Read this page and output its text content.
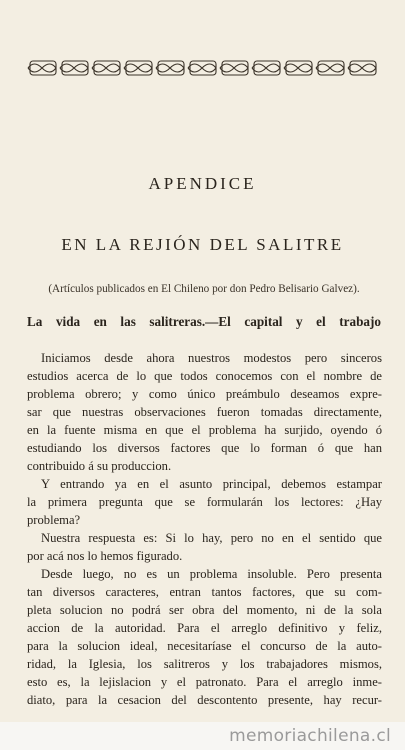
APENDICE
EN LA REJIÓN DEL SALITRE
(Artículos publicados en El Chileno por don Pedro Belisario Galvez).
La vida en las salitreras.—El capital y el trabajo
Iniciamos desde ahora nuestros modestos pero sinceros
estudios acerca de lo que todos conocemos con el nombre de
problema obrero; y como único preámbulo deseamos expre-
sar que nuestras observaciones fueron tomadas directamente,
en la fuente misma en que el problema ha surjido, oyendo ó
estudiando los diversos factores que lo forman ó que han
contribuido á su produccion.
Y entrando ya en el asunto principal, debemos estampar
la primera pregunta que se formularán los lectores: ¿Hay
problema?
Nuestra respuesta es: Si lo hay, pero no en el sentido que
por acá nos lo hemos figurado.
Desde luego, no es un problema insoluble. Pero presenta
tan diversos caracteres, entran tantos factores, que su com-
pleta solucion no podrá ser obra del momento, ni de la sola
accion de la autoridad. Para el arreglo definitivo y feliz,
para la solucion ideal, necesitaríase el concurso de la auto-
ridad, la Iglesia, los salitreros y los trabajadores mismos,
esto es, la lejislacion y el patronato. Para el arreglo inme-
diato, para la cesacion del descontento presente, hay recur-
memoriachilena.cl
